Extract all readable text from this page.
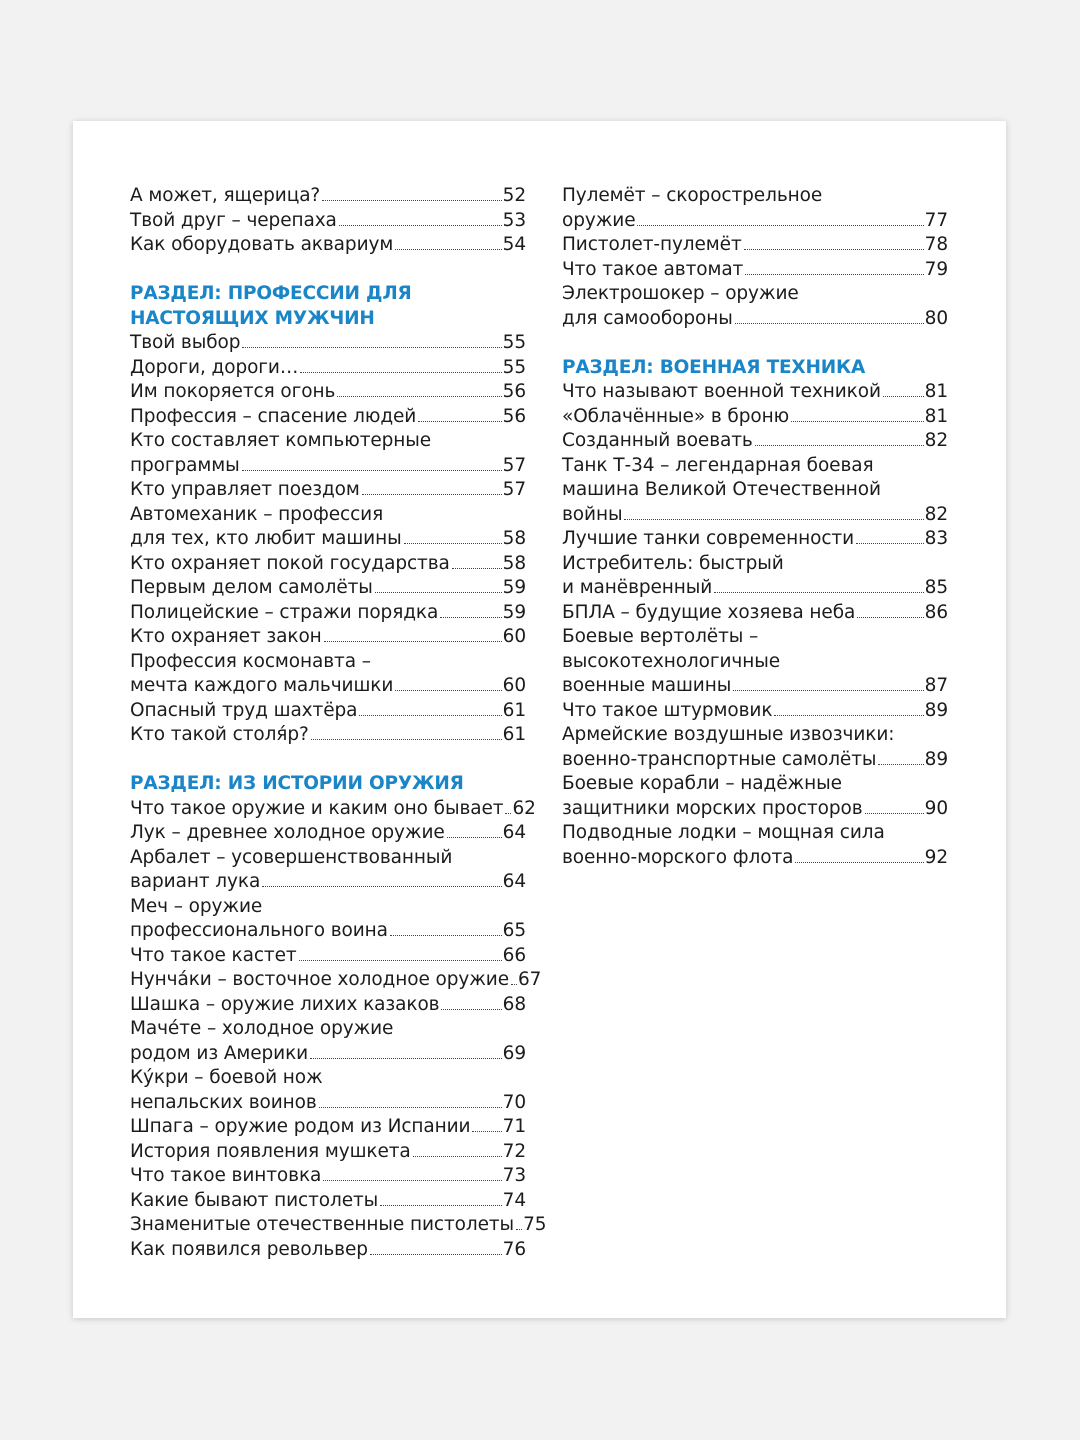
А может, ящерица?	52
Твой друг – черепаха	53
Как оборудовать аквариум	54
РАЗДЕЛ: ПРОФЕССИИ ДЛЯ
НАСТОЯЩИХ МУЖЧИН
Твой выбор	55
Дороги, дороги…	55
Им покоряется огонь	56
Профессия – спасение людей	56
Кто составляет компьютерные
программы	57
Кто управляет поездом	57
Автомеханик – профессия
для тех, кто любит машины	58
Кто охраняет покой государства	58
Первым делом самолёты	59
Полицейские – стражи порядка	59
Кто охраняет закон	60
Профессия космонавта –
мечта каждого мальчишки	60
Опасный труд шахтёра	61
Кто такой столя́р?	61
РАЗДЕЛ: ИЗ ИСТОРИИ ОРУЖИЯ
Что такое оружие и каким оно бывает 62
Лук – древнее холодное оружие	64
Арбалет – усовершенствованный
вариант лука	64
Меч – оружие
профессионального воина	65
Что такое кастет	66
Нунча́ки – восточное холодное оружие 67
Шашка – оружие лихих казаков	68
Маче́те – холодное оружие
родом из Америки	69
Ку́кри – боевой нож
непальских воинов	70
Шпага – оружие родом из Испании 71
История появления мушкета	72
Что такое винтовка	73
Какие бывают пистолеты	74
Знаменитые отечественные пистолеты 75
Как появился револьвер	76
Пулемёт – скорострельное
оружие	77
Пистолет-пулемёт	78
Что такое автомат	79
Электрошокер – оружие
для самообороны	80
РАЗДЕЛ: ВОЕННАЯ ТЕХНИКА
Что называют военной техникой 81
«Облачённые» в броню	81
Созданный воевать	82
Танк Т-34 – легендарная боевая
машина Великой Отечественной
войны	82
Лучшие танки современности	83
Истребитель: быстрый
и манёвренный	85
БПЛА – будущие хозяева неба	86
Боевые вертолёты –
высокотехнологичные
военные машины	87
Что такое штурмовик	89
Армейские воздушные извозчики:
военно-транспортные самолёты	89
Боевые корабли – надёжные
защитники морских просторов	90
Подводные лодки – мощная сила
военно-морского флота	92
